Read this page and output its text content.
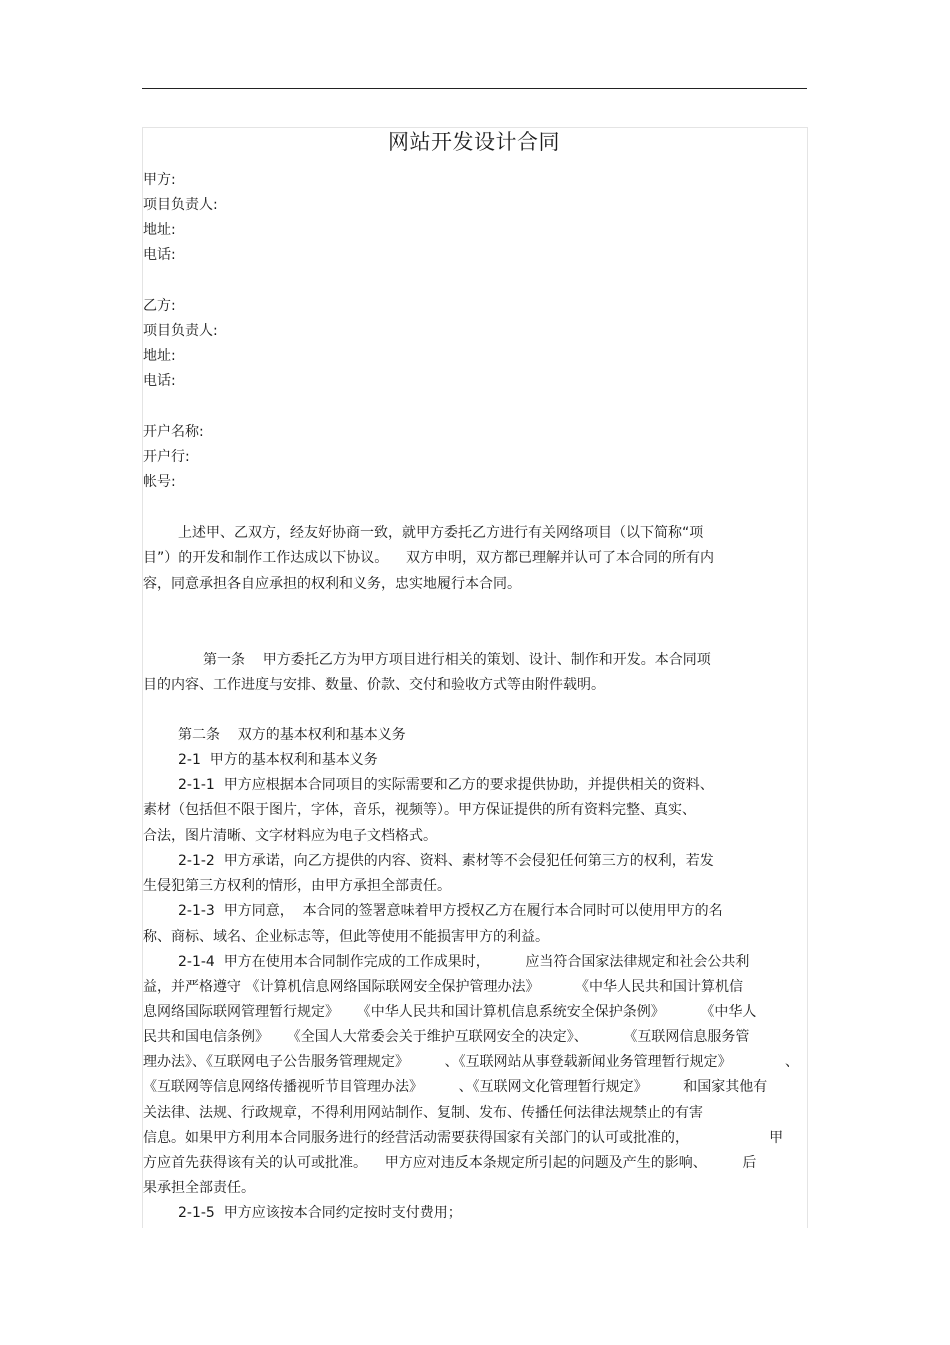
网站开发设计合同
甲方:
项目负责人:
地址:
电话:
乙方:
项目负责人:
地址:
电话:
开户名称:
开户行:
帐号:
上述甲、乙双方，经友好协商一致，就甲方委托乙方进行有关网络项目（以下简称“项
目”）的开发和制作工作达成以下协议。    双方申明，双方都已理解并认可了本合同的所有内
容，同意承担各自应承担的权利和义务，忠实地履行本合同。
第一条    甲方委托乙方为甲方项目进行相关的策划、设计、制作和开发。本合同项
目的内容、工作进度与安排、数量、价款、交付和验收方式等由附件载明。
第二条    双方的基本权利和基本义务
2-1  甲方的基本权利和基本义务
2-1-1  甲方应根据本合同项目的实际需要和乙方的要求提供协助，并提供相关的资料、
素材（包括但不限于图片，字体，音乐，视频等）。甲方保证提供的所有资料完整、真实、
合法，图片清晰、文字材料应为电子文档格式。
2-1-2  甲方承诺，向乙方提供的内容、资料、素材等不会侵犯任何第三方的权利，若发
生侵犯第三方权利的情形，由甲方承担全部责任。
2-1-3  甲方同意，  本合同的签署意味着甲方授权乙方在履行本合同时可以使用甲方的名
称、商标、域名、企业标志等，但此等使用不能损害甲方的利益。
2-1-4  甲方在使用本合同制作完成的工作成果时，        应当符合国家法律规定和社会公共利
益，并严格遵守 《计算机信息网络国际联网安全保护管理办法》        《中华人民共和国计算机信
息网络国际联网管理暂行规定》    《中华人民共和国计算机信息系统安全保护条例》        《中华人
民共和国电信条例》    《全国人大常委会关于维护互联网安全的决定》、        《互联网信息服务管
理办法》、《互联网电子公告服务管理规定》        、《互联网站从事登载新闻业务管理暂行规定》            、
《互联网等信息网络传播视听节目管理办法》        、《互联网文化管理暂行规定》        和国家其他有
关法律、法规、行政规章，不得利用网站制作、复制、发布、传播任何法律法规禁止的有害
信息。如果甲方利用本合同服务进行的经营活动需要获得国家有关部门的认可或批准的，                  甲
方应首先获得该有关的认可或批准。    甲方应对违反本条规定所引起的问题及产生的影响、        后
果承担全部责任。
2-1-5  甲方应该按本合同约定按时支付费用；
